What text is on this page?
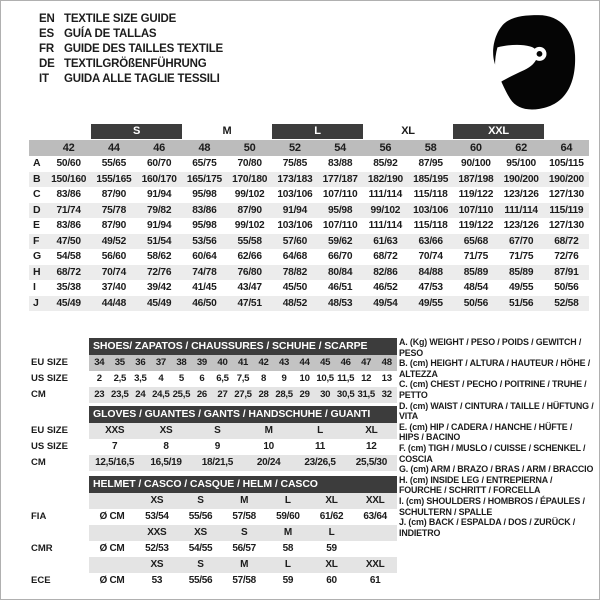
EN TEXTILE SIZE GUIDE
ES GUÍA DE TALLAS
FR GUIDE DES TAILLES TEXTILE
DE TEXTILGRÖßENFÜHRUNG
IT	GUIDA ALLE TAGLIE TESSILI

		S		M		L		XL		XXL		

	42	44	46	48	50	52	54	56	58	60	62	64
A	50/60	55/65	60/70	65/75	70/80	75/85	83/88	85/92	87/95	90/100	95/100	105/115
B	150/160	155/165	160/170	165/175	170/180	173/183	177/187	182/190	185/195	187/198	190/200	190/200
C	83/86	87/90	91/94	95/98	99/102	103/106	107/110	111/114	115/118	119/122	123/126	127/130
D	71/74	75/78	79/82	83/86	87/90	91/94	95/98	99/102	103/106	107/110	111/114	115/119
E	83/86	87/90	91/94	95/98	99/102	103/106	107/110	111/114	115/118	119/122	123/126	127/130
F	47/50	49/52	51/54	53/56	55/58	57/60	59/62	61/63	63/66	65/68	67/70	68/72
G	54/58	56/60	58/62	60/64	62/66	64/68	66/70	68/72	70/74	71/75	71/75	72/76
H	68/72	70/74	72/76	74/78	76/80	78/82	80/84	82/86	84/88	85/89	85/89	87/91
I	35/38	37/40	39/42	41/45	43/47	45/50	46/51	46/52	47/53	48/54	49/55	50/56
J	45/49	44/48	45/49	46/50	47/51	48/52	48/53	49/54	49/55	50/56	51/56	52/58
SHOES/ ZAPATOS / CHAUSSURES / SCHUHE / SCARPE
EU SIZE	34	35	36	37	38	39	40	41	42	43	44	45	46	47	48
US SIZE	2	2,5 3,5	4	5	6	6,5 7,5	8	9	10 10,5 11,5 12	13
CM	23 23,5 24 24,5 25,5 26	27 27,5 28 28,5 29	30 30,5 31,5 32
GLOVES / GUANTES / GANTS / HANDSCHUHE / GUANTI
EU SIZE	XXS	XS	S	M	L	XL
US SIZE	7	8	9	10	11	12
CM	12,5/16,5	16,5/19	18/21,5	20/24	23/26,5	25,5/30
HELMET / CASCO / CASQUE / HELM / CASCO
XS	S	M	L	XL	XXL
FIA	Ø CM	53/54	55/56	57/58	59/60	61/62	63/64
XXS	XS	S	M	L
CMR	Ø CM	52/53	54/55	56/57	58	59
XS	S	M	L	XL	XXL
ECE	Ø CM	53	55/56	57/58	59	60	61
A. (Kg) WEIGHT / PESO / POIDS / GEWITCH / PESO
B. (cm) HEIGHT / ALTURA / HAUTEUR / HÖHE / ALTEZZA
C. (cm) CHEST / PECHO / POITRINE / TRUHE / PETTO
D. (cm) WAIST / CINTURA / TAILLE / HÜFTUNG / VITA
E. (cm) HIP / CADERA / HANCHE / HÜFTE / HIPS / BACINO
F. (cm) TIGH / MUSLO / CUISSE / SCHENKEL / COSCIA
G. (cm) ARM / BRAZO / BRAS / ARM / BRACCIO
H. (cm) INSIDE LEG / ENTREPIERNA / FOURCHE / SCHRITT / FORCELLA
I. (cm) SHOULDERS / HOMBROS / ÉPAULES / SCHULTERN / SPALLE
J. (cm) BACK / ESPALDA / DOS / ZURÜCK / INDIETRO
